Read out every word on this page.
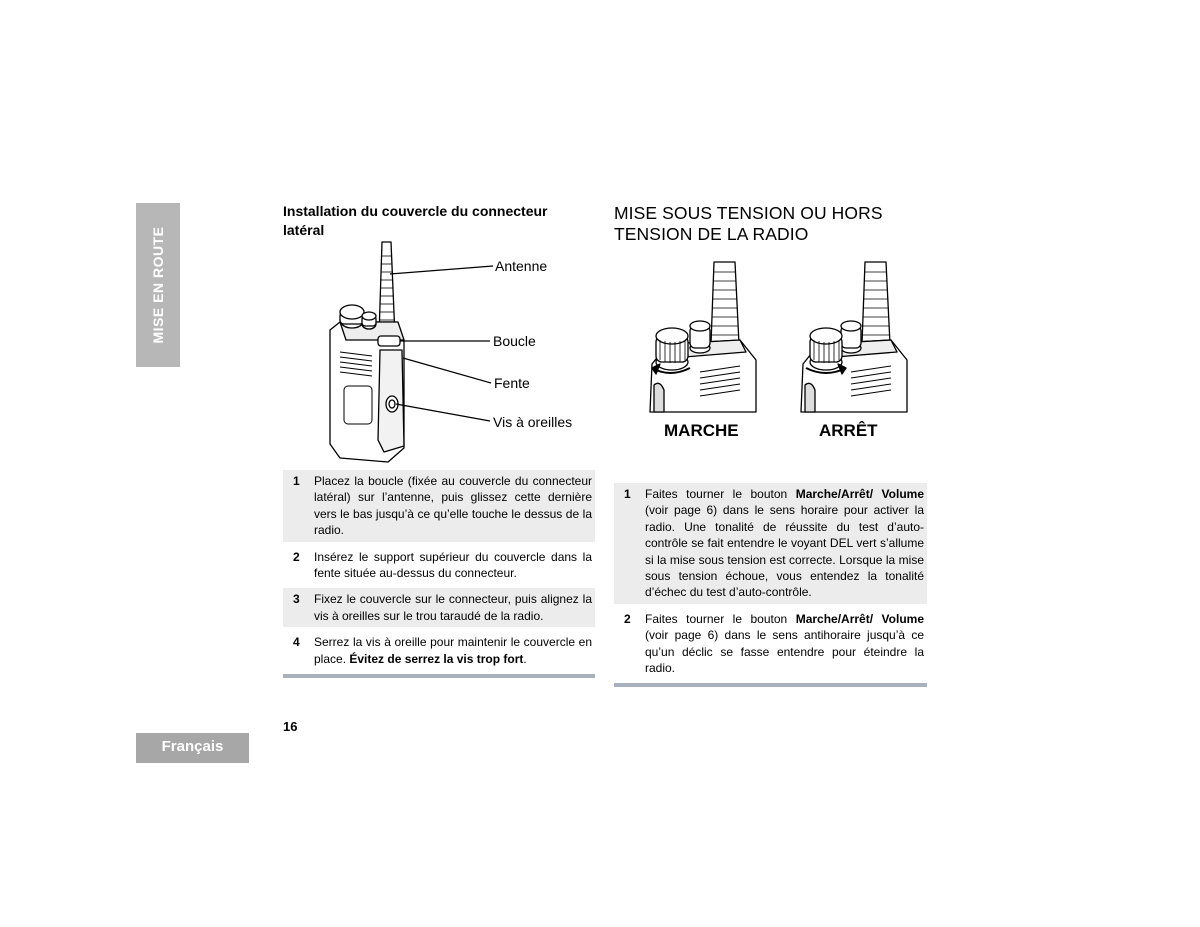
MISE EN ROUTE
Français
Installation du couvercle du connecteur
latéral
Antenne
Boucle
Fente
Vis à oreilles
MISE SOUS TENSION OU HORS
TENSION DE LA RADIO
MARCHE	ARRÊT
1 Placez la boucle (fixée au couvercle du connecteur latéral) sur l’antenne, puis glissez cette dernière vers le bas jusqu’à ce qu’elle touche le dessus de la radio.
2 Insérez le support supérieur du couvercle dans la fente située au-dessus du connecteur.
3 Fixez le couvercle sur le connecteur, puis alignez la vis à oreilles sur le trou taraudé de la radio.
4 Serrez la vis à oreille pour maintenir le couvercle en place. Évitez de serrez la vis trop fort.
1 Faites tourner le bouton Marche/Arrêt/ Volume (voir page 6) dans le sens horaire pour activer la radio. Une tonalité de réussite du test d’auto-contrôle se fait entendre le voyant DEL vert s’allume si la mise sous tension est correcte. Lorsque la mise sous tension échoue, vous entendez la tonalité d’échec du test d’auto-contrôle.
2 Faites tourner le bouton Marche/Arrêt/ Volume (voir page 6) dans le sens antihoraire jusqu’à ce qu’un déclic se fasse entendre pour éteindre la radio.
16
